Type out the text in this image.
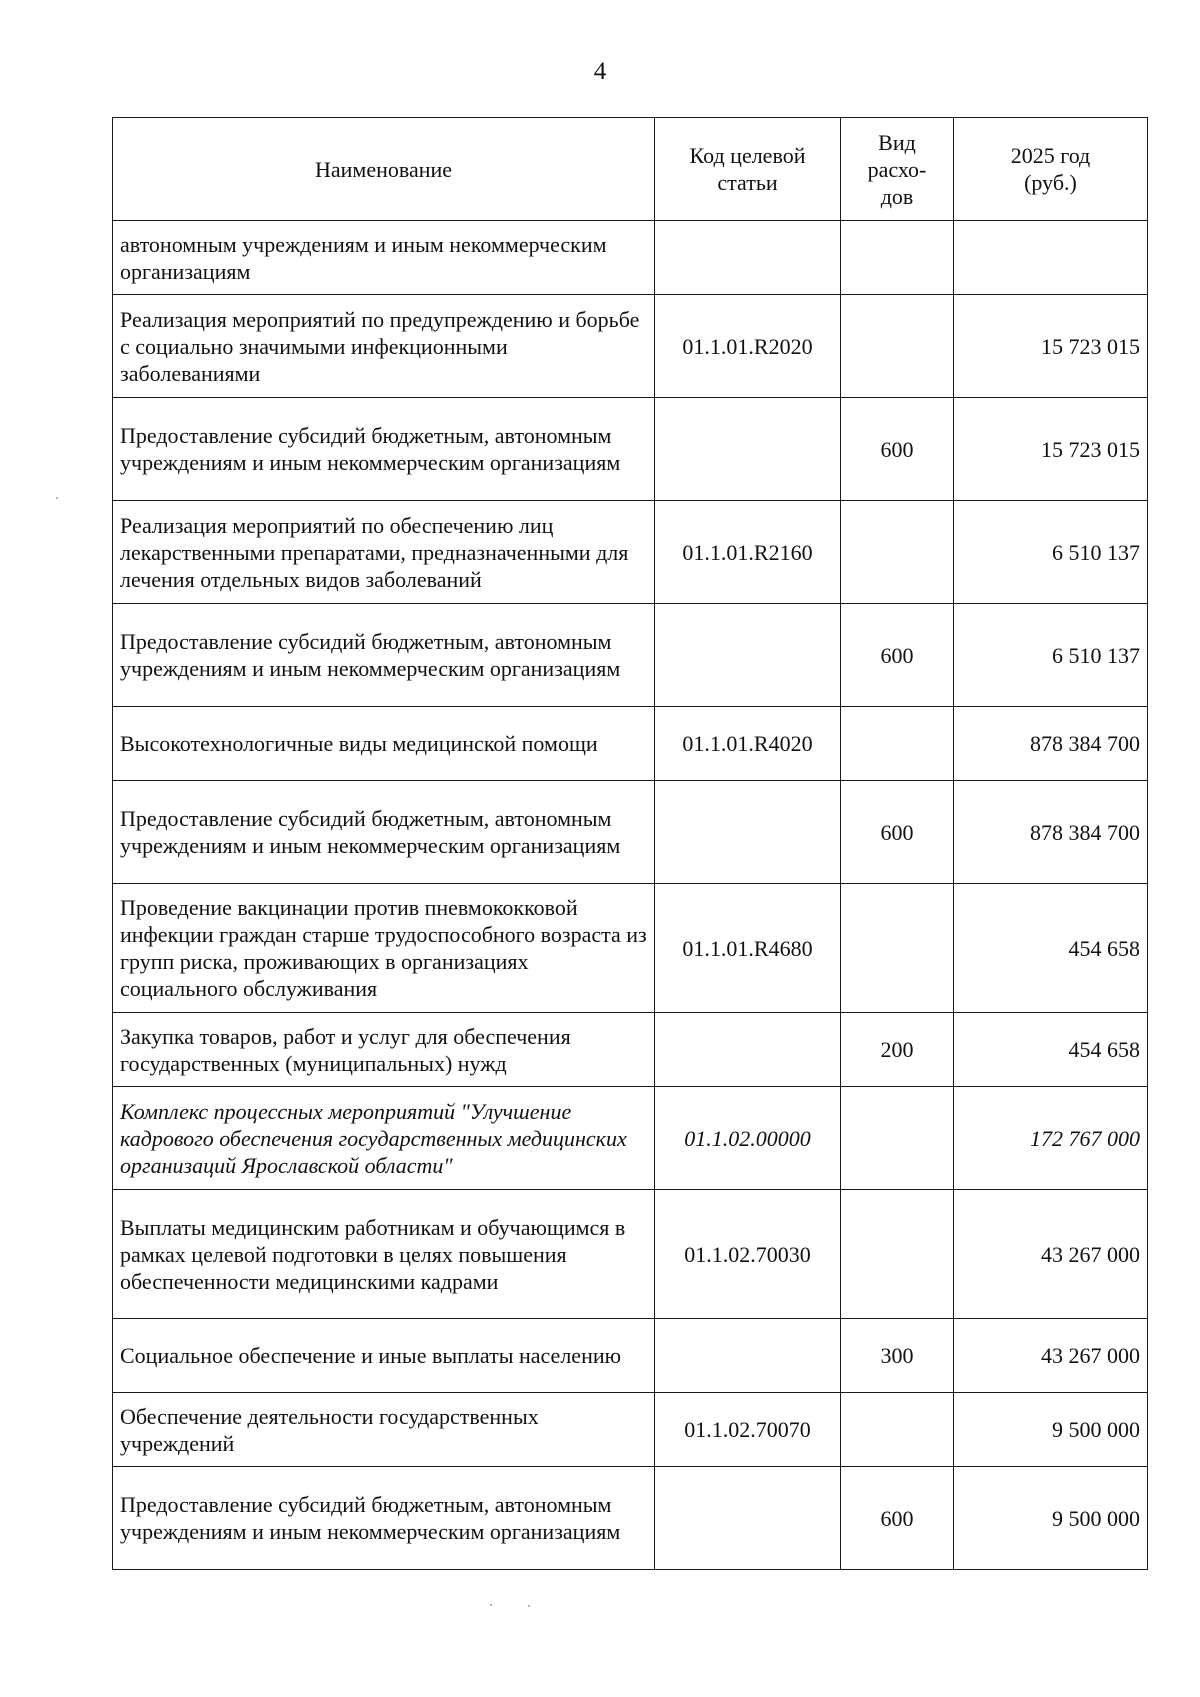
4
Наименование	Код целевой статьи	Вид расхо-дов	2025 год (руб.)

автономным учреждениям и иным некоммерческим организациям			
Реализация мероприятий по предупреждению и борьбе с социально значимыми инфекционными заболеваниями	01.1.01.R2020		15 723 015
Предоставление субсидий бюджетным, автономным учреждениям и иным некоммерческим организациям		600	15 723 015
Реализация мероприятий по обеспечению лиц лекарственными препаратами, предназначенными для лечения отдельных видов заболеваний	01.1.01.R2160		6 510 137
Предоставление субсидий бюджетным, автономным учреждениям и иным некоммерческим организациям		600	6 510 137
Высокотехнологичные виды медицинской помощи	01.1.01.R4020		878 384 700
Предоставление субсидий бюджетным, автономным учреждениям и иным некоммерческим организациям		600	878 384 700
Проведение вакцинации против пневмококковой инфекции граждан старше трудоспособного возраста из групп риска, проживающих в организациях социального обслуживания	01.1.01.R4680		454 658
Закупка товаров, работ и услуг для обеспечения государственных (муниципальных) нужд		200	454 658
Комплекс процессных мероприятий "Улучшение кадрового обеспечения государственных медицинских организаций Ярославской области"	01.1.02.00000		172 767 000
Выплаты медицинским работникам и обучающимся в рамках целевой подготовки в целях повышения обеспеченности медицинскими кадрами	01.1.02.70030		43 267 000
Социальное обеспечение и иные выплаты населению		300	43 267 000
Обеспечение деятельности государственных учреждений	01.1.02.70070		9 500 000
Предоставление субсидий бюджетным, автономным учреждениям и иным некоммерческим организациям		600	9 500 000
